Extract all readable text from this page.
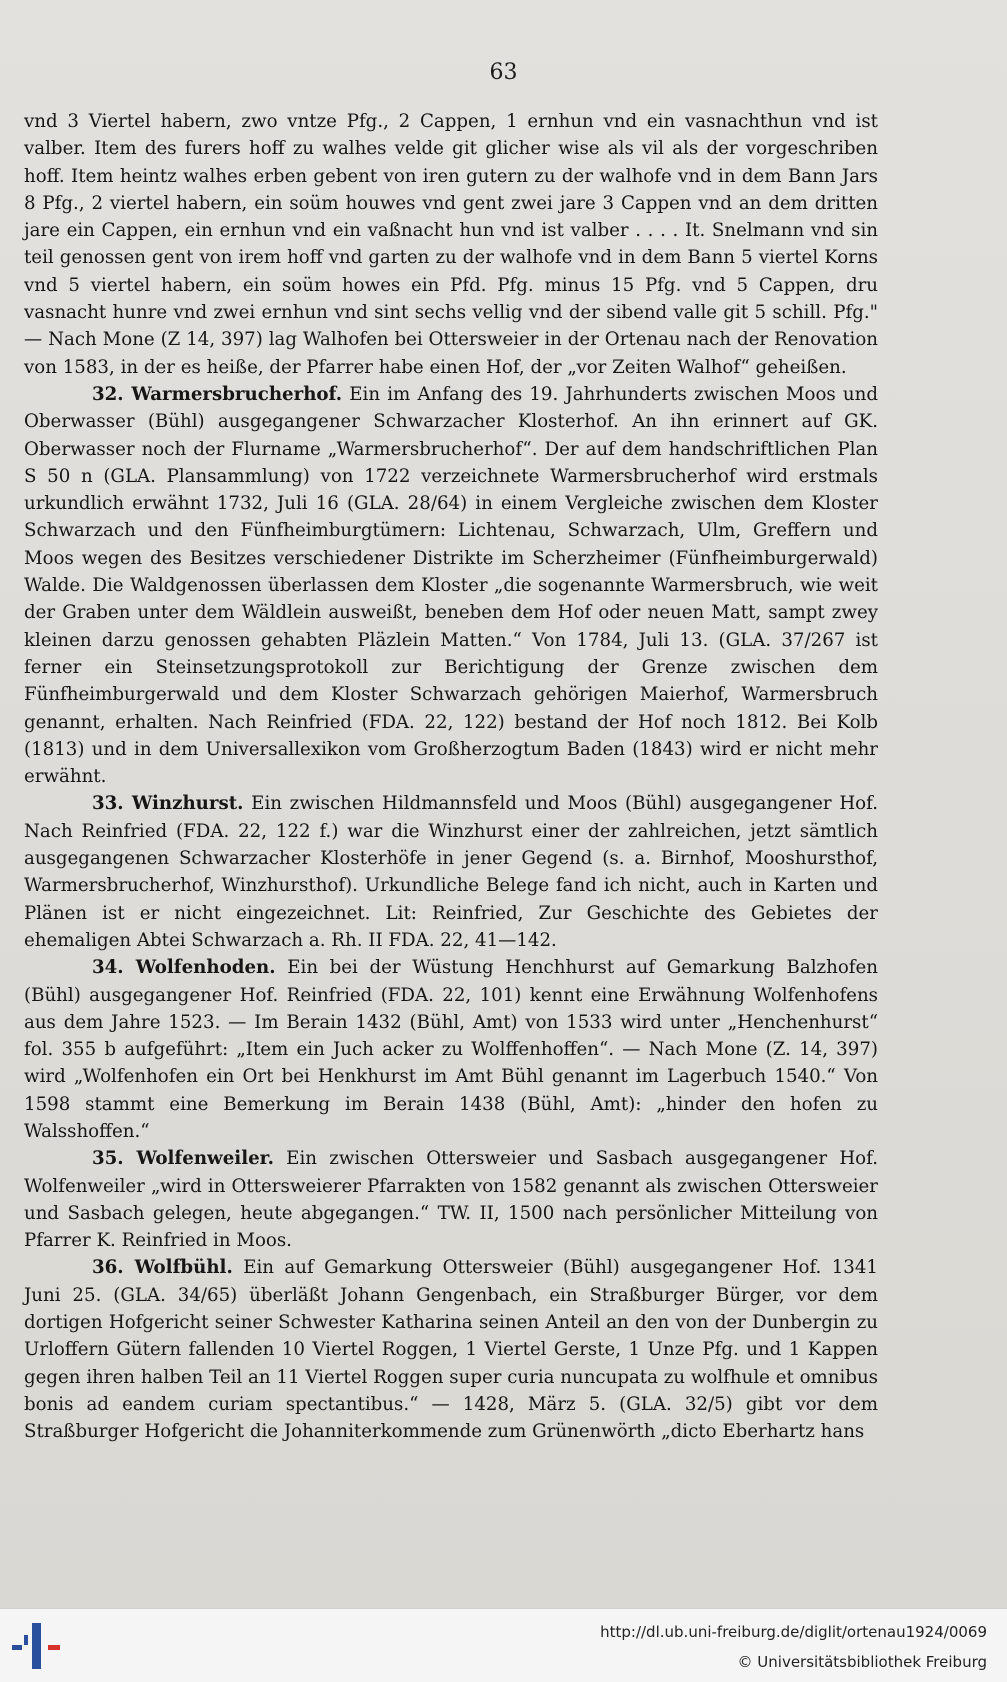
63

vnd 3 Viertel habern, zwo vntze Pfg., 2 Cappen, 1 ernhun vnd ein vasnachthun vnd ist valber. Item des furers hoff zu walhes velde git glicher wise als vil als der vorgeschriben hoff. Item heintz walhes erben gebent von iren gutern zu der walhofe vnd in dem Bann Jars 8 Pfg., 2 viertel habern, ein soüm houwes vnd gent zwei jare 3 Cappen vnd an dem dritten jare ein Cappen, ein ernhun vnd ein vaßnacht hun vnd ist valber . . . . It. Snelmann vnd sin teil genossen gent von irem hoff vnd garten zu der walhofe vnd in dem Bann 5 viertel Korns vnd 5 viertel habern, ein soüm howes ein Pfd. Pfg. minus 15 Pfg. vnd 5 Cappen, dru vasnacht hunre vnd zwei ernhun vnd sint sechs vellig vnd der sibend valle git 5 schill. Pfg." — Nach Mone (Z 14, 397) lag Walhofen bei Ottersweier in der Ortenau nach der Renovation von 1583, in der es heiße, der Pfarrer habe einen Hof, der „vor Zeiten Walhof“ geheißen.

32. Warmersbrucherhof. Ein im Anfang des 19. Jahrhunderts zwischen Moos und Oberwasser (Bühl) ausgegangener Schwarzacher Klosterhof. An ihn erinnert auf GK. Oberwasser noch der Flurname „Warmersbrucherhof“. Der auf dem handschriftlichen Plan S 50 n (GLA. Plansammlung) von 1722 verzeichnete Warmersbrucherhof wird erstmals urkundlich erwähnt 1732, Juli 16 (GLA. 28/64) in einem Vergleiche zwischen dem Kloster Schwarzach und den Fünfheimburgtümern: Lichtenau, Schwarzach, Ulm, Greffern und Moos wegen des Besitzes verschiedener Distrikte im Scherzheimer (Fünfheimburgerwald) Walde. Die Waldgenossen überlassen dem Kloster „die sogenannte Warmersbruch, wie weit der Graben unter dem Wäldlein ausweißt, beneben dem Hof oder neuen Matt, sampt zwey kleinen darzu genossen gehabten Pläzlein Matten.“ Von 1784, Juli 13. (GLA. 37/267 ist ferner ein Steinsetzungsprotokoll zur Berichtigung der Grenze zwischen dem Fünfheimburgerwald und dem Kloster Schwarzach gehörigen Maierhof, Warmersbruch genannt, erhalten. Nach Reinfried (FDA. 22, 122) bestand der Hof noch 1812. Bei Kolb (1813) und in dem Universallexikon vom Großherzogtum Baden (1843) wird er nicht mehr erwähnt.

33. Winzhurst. Ein zwischen Hildmannsfeld und Moos (Bühl) ausgegangener Hof. Nach Reinfried (FDA. 22, 122 f.) war die Winzhurst einer der zahlreichen, jetzt sämtlich ausgegangenen Schwarzacher Klosterhöfe in jener Gegend (s. a. Birnhof, Mooshursthof, Warmersbrucherhof, Winzhursthof). Urkundliche Belege fand ich nicht, auch in Karten und Plänen ist er nicht eingezeichnet. Lit: Reinfried, Zur Geschichte des Gebietes der ehemaligen Abtei Schwarzach a. Rh. II FDA. 22, 41—142.

34. Wolfenhoden. Ein bei der Wüstung Henchhurst auf Gemarkung Balzhofen (Bühl) ausgegangener Hof. Reinfried (FDA. 22, 101) kennt eine Erwähnung Wolfenhofens aus dem Jahre 1523. — Im Berain 1432 (Bühl, Amt) von 1533 wird unter „Henchenhurst“ fol. 355 b aufgeführt: „Item ein Juch acker zu Wolffenhoffen“. — Nach Mone (Z. 14, 397) wird „Wolfenhofen ein Ort bei Henkhurst im Amt Bühl genannt im Lagerbuch 1540.“ Von 1598 stammt eine Bemerkung im Berain 1438 (Bühl, Amt): „hinder den hofen zu Walsshoffen.“

35. Wolfenweiler. Ein zwischen Ottersweier und Sasbach ausgegangener Hof. Wolfenweiler „wird in Ottersweierer Pfarrakten von 1582 genannt als zwischen Ottersweier und Sasbach gelegen, heute abgegangen.“ TW. II, 1500 nach persönlicher Mitteilung von Pfarrer K. Reinfried in Moos.

36. Wolfbühl. Ein auf Gemarkung Ottersweier (Bühl) ausgegangener Hof. 1341 Juni 25. (GLA. 34/65) überläßt Johann Gengenbach, ein Straßburger Bürger, vor dem dortigen Hofgericht seiner Schwester Katharina seinen Anteil an den von der Dunbergin zu Urloffern Gütern fallenden 10 Viertel Roggen, 1 Viertel Gerste, 1 Unze Pfg. und 1 Kappen gegen ihren halben Teil an 11 Viertel Roggen super curia nuncupata zu wolfhule et omnibus bonis ad eandem curiam spectantibus.“ — 1428, März 5. (GLA. 32/5) gibt vor dem Straßburger Hofgericht die Johanniterkommende zum Grünenwörth „dicto Eberhartz hans

http://dl.ub.uni-freiburg.de/diglit/ortenau1924/0069
© Universitätsbibliothek Freiburg
